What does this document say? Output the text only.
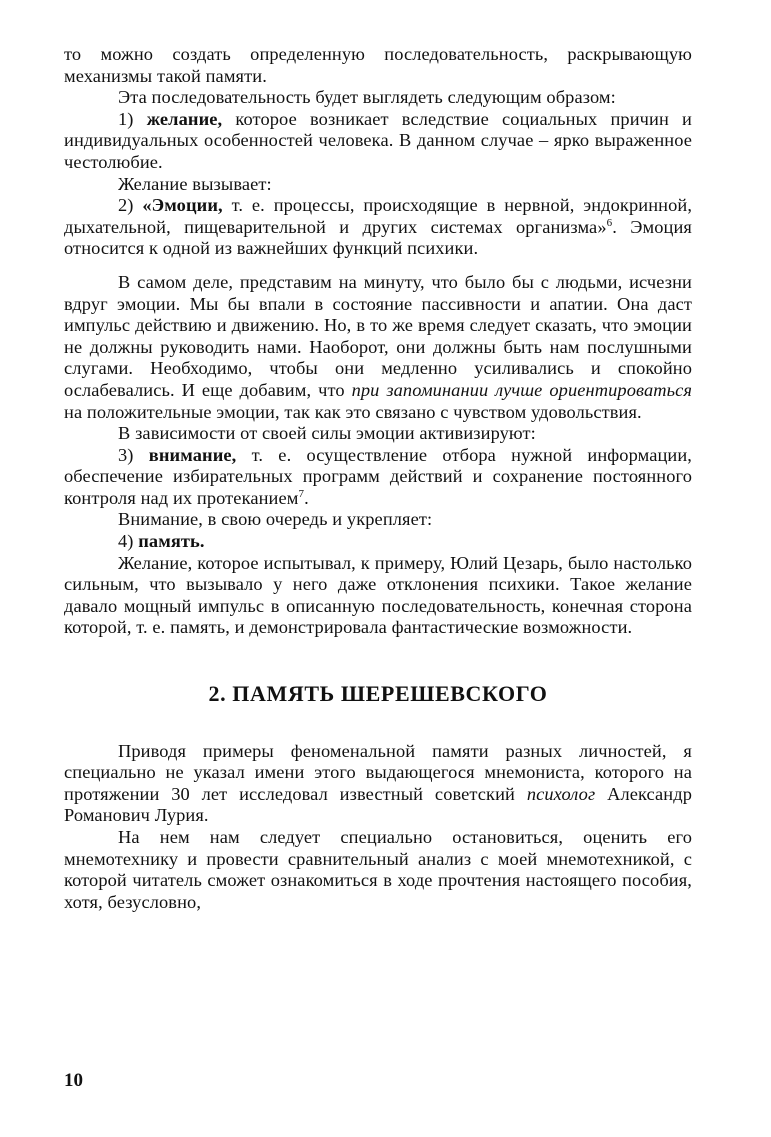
то можно создать определенную последовательность, раскрывающую механизмы такой памяти.

Эта последовательность будет выглядеть следующим образом:

1) желание, которое возникает вследствие социальных причин и индивидуальных особенностей человека. В данном случае – ярко выраженное честолюбие.

Желание вызывает:

2) «Эмоции, т. е. процессы, происходящие в нервной, эндокринной, дыхательной, пищеварительной и других системах организма»$^6$. Эмоция относится к одной из важнейших функций психики.

В самом деле, представим на минуту, что было бы с людьми, исчезни вдруг эмоции. Мы бы впали в состояние пассивности и апатии. Она даст импульс действию и движению. Но, в то же время следует сказать, что эмоции не должны руководить нами. Наоборот, они должны быть нам послушными слугами. Необходимо, чтобы они медленно усиливались и спокойно ослабевались. И еще добавим, что при запоминании лучше ориентироваться на положительные эмоции, так как это связано с чувством удовольствия.

В зависимости от своей силы эмоции активизируют:

3) внимание, т. е. осуществление отбора нужной информации, обеспечение избирательных программ действий и сохранение постоянного контроля над их протеканием$^7$.

Внимание, в свою очередь и укрепляет:

4) память.

Желание, которое испытывал, к примеру, Юлий Цезарь, было настолько сильным, что вызывало у него даже отклонения психики. Такое желание давало мощный импульс в описанную последовательность, конечная сторона которой, т. е. память, и демонстрировала фантастические возможности.

2. ПАМЯТЬ ШЕРЕШЕВСКОГО

Приводя примеры феноменальной памяти разных личностей, я специально не указал имени этого выдающегося мнемониста, которого на протяжении 30 лет исследовал известный советский психолог Александр Романович Лурия.

На нем нам следует специально остановиться, оценить его мнемотехнику и провести сравнительный анализ с моей мнемотехникой, с которой читатель сможет ознакомиться в ходе прочтения настоящего пособия, хотя, безусловно,

10
